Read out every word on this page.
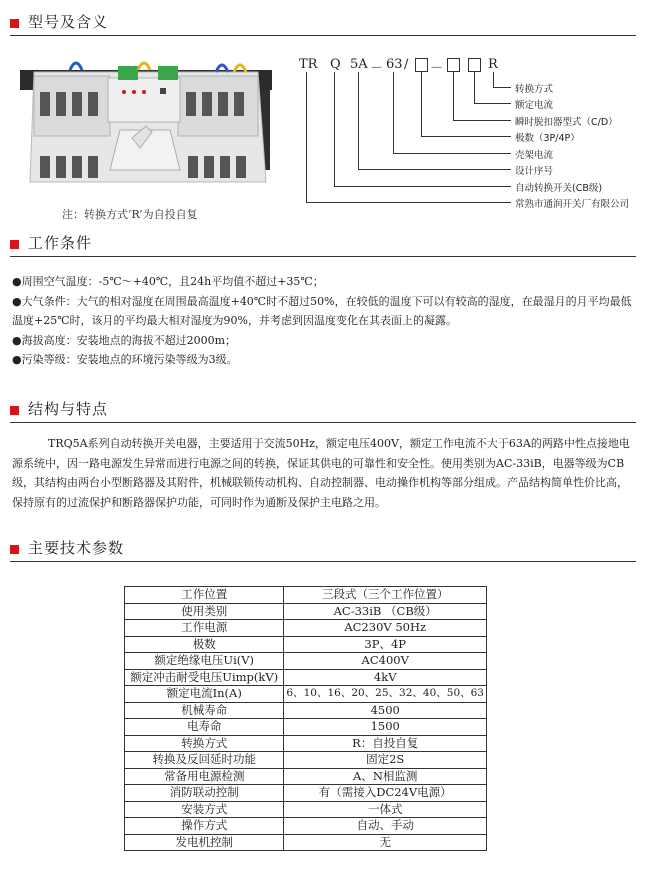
型号及含义
注：转换方式‘R’为自投自复
TR Q 5A － 63 / －	R
转换方式
额定电流
瞬时脱扣器型式（C/D）
极数（3P/4P）
壳架电流
设计序号
自动转换开关(CB级)
常熟市通润开关厂有限公司
工作条件
●周围空气温度：-5℃～+40℃，且24h平均值不超过+35℃；
●大气条件：大气的相对湿度在周围最高温度+40℃时不超过50%，在较低的温度下可以有较高的湿度，在最湿月的月平均最低温度+25℃时，该月的平均最大相对湿度为90%，并考虑到因温度变化在其表面上的凝露。
●海拔高度：安装地点的海拔不超过2000m；
●污染等级：安装地点的环境污染等级为3级。
结构与特点

TRQ5A系列自动转换开关电器，主要适用于交流50Hz，额定电压400V，额定工作电流不大于63A的两路中性点接地电源系统中，因一路电源发生异常而进行电源之间的转换，保证其供电的可靠性和安全性。使用类别为AC-33iB，电器等级为CB级，其结构由两台小型断路器及其附件，机械联锁传动机构、自动控制器、电动操作机构等部分组成。产品结构简单性价比高，保持原有的过流保护和断路器保护功能，可同时作为通断及保护主电路之用。

主要技术参数
工作位置	三段式（三个工作位置）
使用类别	AC-33iB （CB级）
工作电源	AC230V 50Hz
极数	3P、4P
额定绝缘电压Ui(V)	AC400V
额定冲击耐受电压Uimp(kV)	4kV
额定电流In(A)	6、10、16、20、25、32、40、50、63
机械寿命	4500
电寿命	1500
转换方式	R：自投自复
转换及反回延时功能	固定2S
常备用电源检测	A、N相监测
消防联动控制	有（需接入DC24V电源）
安装方式	一体式
操作方式	自动、手动
发电机控制	无
